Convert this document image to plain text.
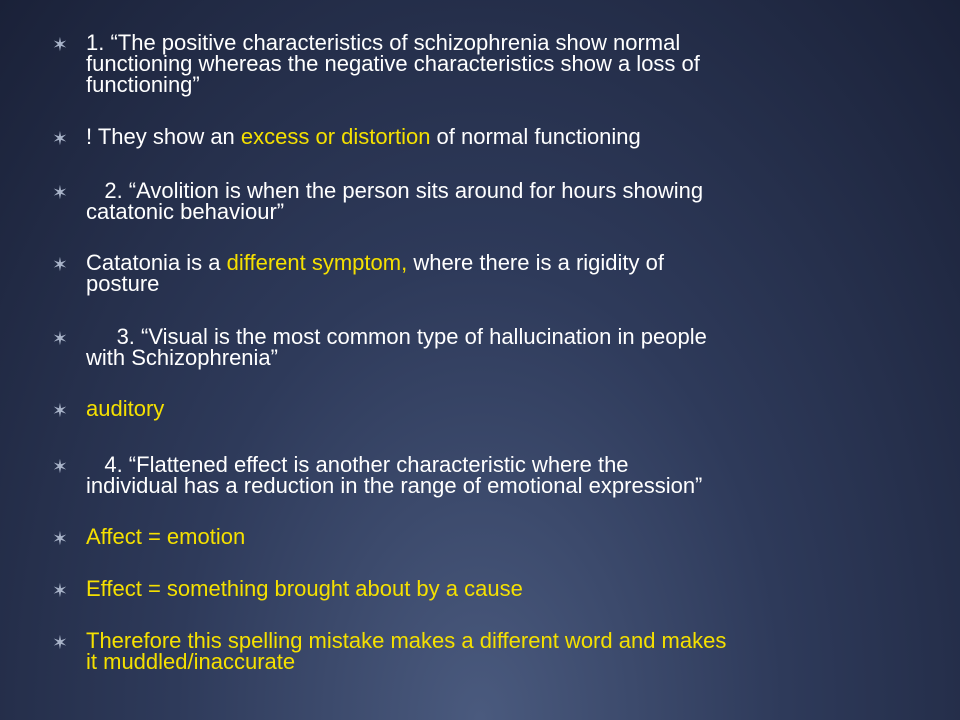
✶ 1. “The positive characteristics of schizophrenia show normal
functioning whereas the negative characteristics show a loss of
functioning”
✶ ! They show an excess or distortion of normal functioning
✶	2. “Avolition is when the person sits around for hours showing
catatonic behaviour”
✶ Catatonia is a different symptom, where there is a rigidity of
posture
✶	3. “Visual is the most common type of hallucination in people
with Schizophrenia”
✶ auditory
✶	4. “Flattened effect is another characteristic where the
individual has a reduction in the range of emotional expression”
✶ Affect = emotion
✶ Effect = something brought about by a cause
✶ Therefore this spelling mistake makes a different word and makes
it muddled/inaccurate
